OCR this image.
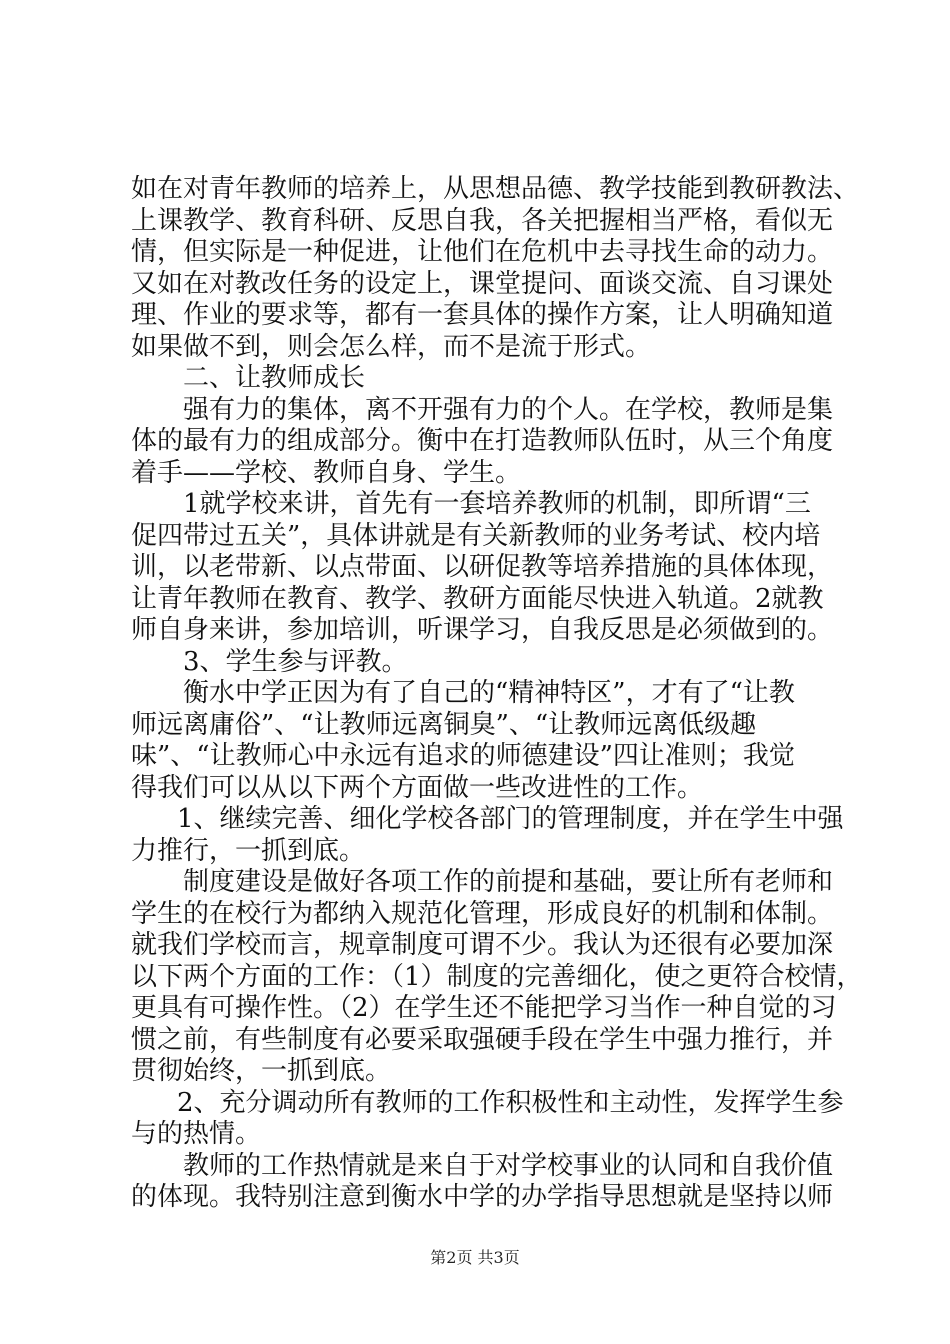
如在对青年教师的培养上，从思想品德、教学技能到教研教法、
上课教学、教育科研、反思自我，各关把握相当严格，看似无
情，但实际是一种促进，让他们在危机中去寻找生命的动力。
又如在对教改任务的设定上，课堂提问、面谈交流、自习课处
理、作业的要求等，都有一套具体的操作方案，让人明确知道
如果做不到，则会怎么样，而不是流于形式。
二、让教师成长
强有力的集体，离不开强有力的个人。在学校，教师是集
体的最有力的组成部分。衡中在打造教师队伍时，从三个角度
着手——学校、教师自身、学生。
1就学校来讲，首先有一套培养教师的机制，即所谓“三
促四带过五关”，具体讲就是有关新教师的业务考试、校内培
训，以老带新、以点带面、以研促教等培养措施的具体体现，
让青年教师在教育、教学、教研方面能尽快进入轨道。2就教
师自身来讲，参加培训，听课学习，自我反思是必须做到的。
3、学生参与评教。
衡水中学正因为有了自己的“精神特区”，才有了“让教
师远离庸俗”、“让教师远离铜臭”、“让教师远离低级趣
味”、“让教师心中永远有追求的师德建设”四让准则；我觉
得我们可以从以下两个方面做一些改进性的工作。
1、继续完善、细化学校各部门的管理制度，并在学生中强
力推行，一抓到底。
制度建设是做好各项工作的前提和基础，要让所有老师和
学生的在校行为都纳入规范化管理，形成良好的机制和体制。
就我们学校而言，规章制度可谓不少。我认为还很有必要加深
以下两个方面的工作：（1）制度的完善细化，使之更符合校情，
更具有可操作性。（2）在学生还不能把学习当作一种自觉的习
惯之前，有些制度有必要采取强硬手段在学生中强力推行，并
贯彻始终，一抓到底。
2、充分调动所有教师的工作积极性和主动性，发挥学生参
与的热情。
教师的工作热情就是来自于对学校事业的认同和自我价值
的体现。我特别注意到衡水中学的办学指导思想就是坚持以师
第2页 共3页
